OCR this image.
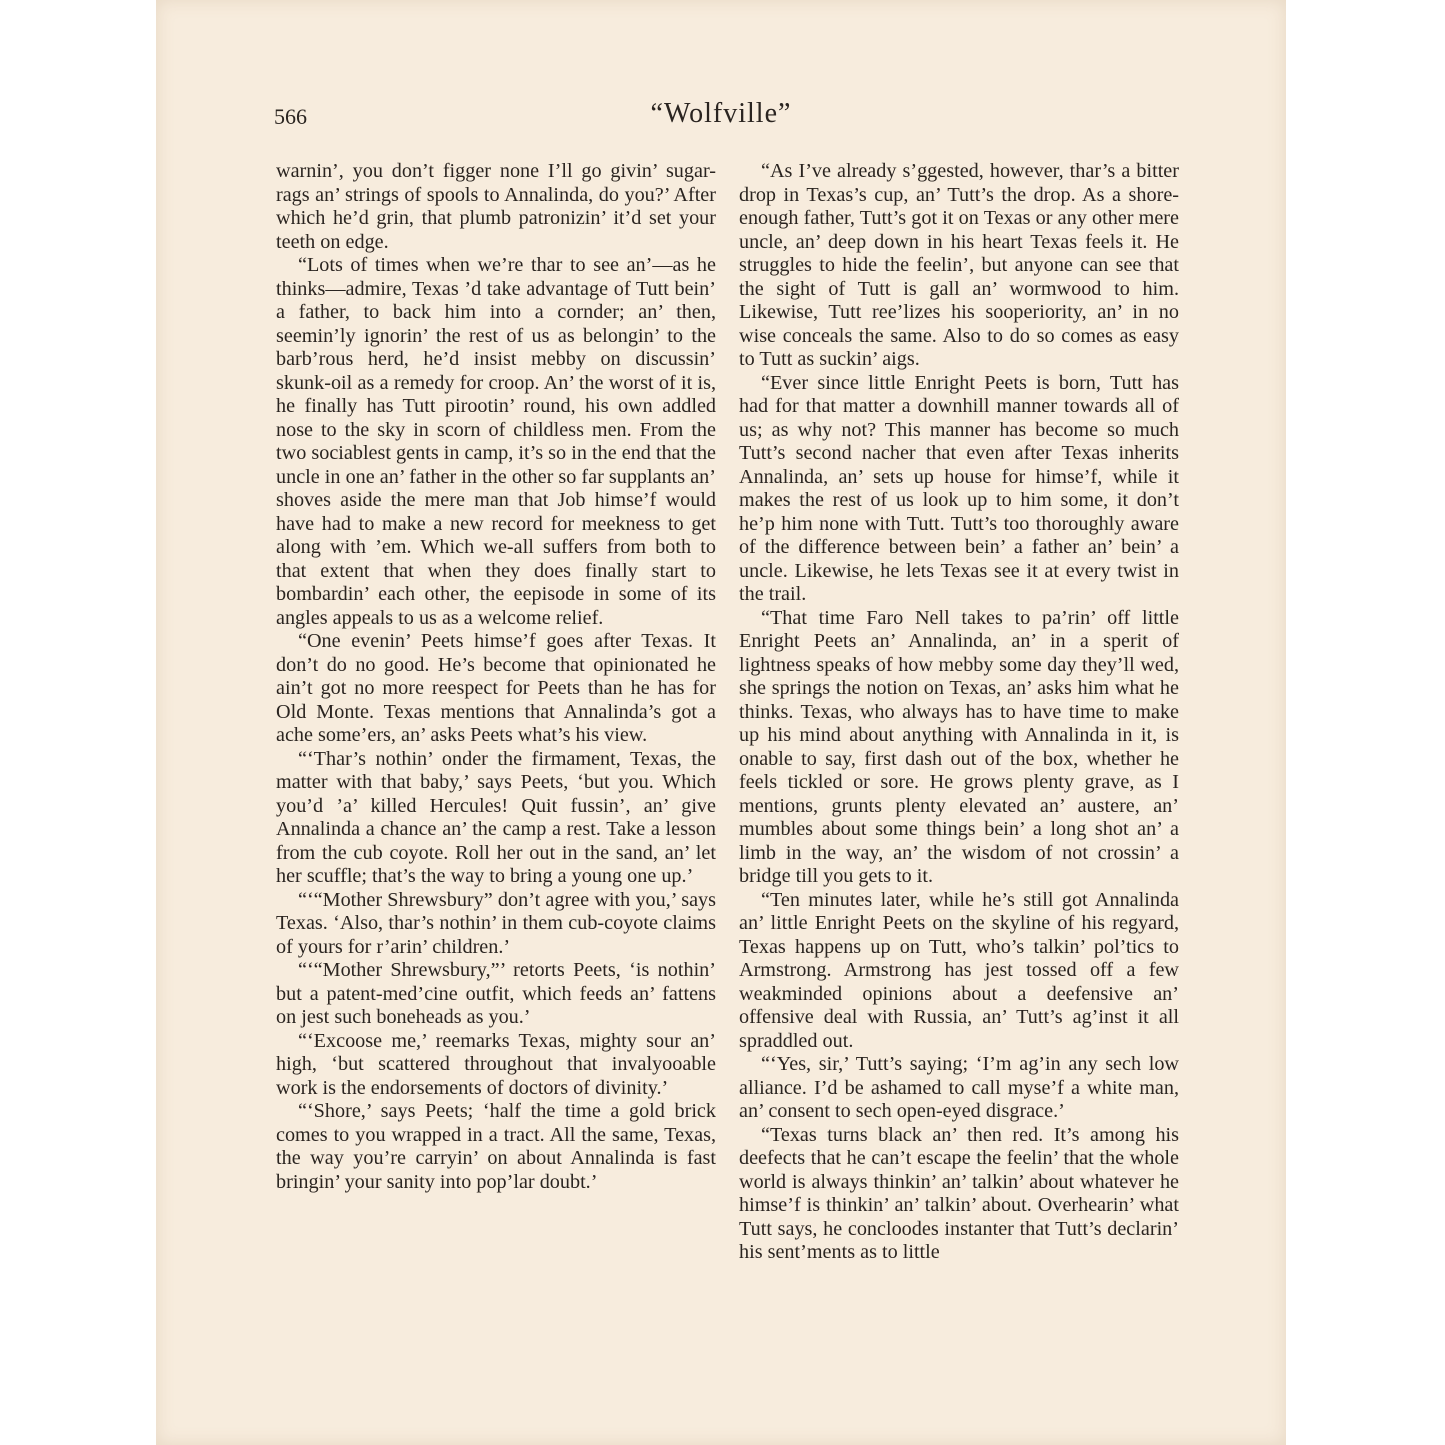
566	“Wolfville”

warnin’, you don’t figger none I’ll go givin’ sugar-rags an’ strings of spools to Annalinda, do you?’ After which he’d grin, that plumb patronizin’ it’d set your teeth on edge.

“Lots of times when we’re thar to see an’—as he thinks—admire, Texas ’d take advantage of Tutt bein’ a father, to back him into a cornder; an’ then, seemin’ly ignorin’ the rest of us as belongin’ to the barb’rous herd, he’d insist mebby on discussin’ skunk-oil as a remedy for croop. An’ the worst of it is, he finally has Tutt pirootin’ round, his own addled nose to the sky in scorn of childless men. From the two sociablest gents in camp, it’s so in the end that the uncle in one an’ father in the other so far supplants an’ shoves aside the mere man that Job himse’f would have had to make a new record for meekness to get along with ’em. Which we-all suffers from both to that extent that when they does finally start to bombardin’ each other, the eepisode in some of its angles appeals to us as a welcome relief.

“One evenin’ Peets himse’f goes after Texas. It don’t do no good. He’s become that opinionated he ain’t got no more reespect for Peets than he has for Old Monte. Texas mentions that Annalinda’s got a ache some’ers, an’ asks Peets what’s his view.

“‘Thar’s nothin’ onder the firmament, Texas, the matter with that baby,’ says Peets, ‘but you. Which you’d ’a’ killed Hercules! Quit fussin’, an’ give Annalinda a chance an’ the camp a rest. Take a lesson from the cub coyote. Roll her out in the sand, an’ let her scuffle; that’s the way to bring a young one up.’

“‘“Mother Shrewsbury” don’t agree with you,’ says Texas. ‘Also, thar’s nothin’ in them cub-coyote claims of yours for r’arin’ children.’

“‘“Mother Shrewsbury,”’ retorts Peets, ‘is nothin’ but a patent-med’cine outfit, which feeds an’ fattens on jest such boneheads as you.’

“‘Excoose me,’ reemarks Texas, mighty sour an’ high, ‘but scattered throughout that invalyooable work is the endorsements of doctors of divinity.’

“‘Shore,’ says Peets; ‘half the time a gold brick comes to you wrapped in a tract. All the same, Texas, the way you’re carryin’ on about Annalinda is fast bringin’ your sanity into pop’lar doubt.’

“As I’ve already s’ggested, however, thar’s a bitter drop in Texas’s cup, an’ Tutt’s the drop. As a shore-enough father, Tutt’s got it on Texas or any other mere uncle, an’ deep down in his heart Texas feels it. He struggles to hide the feelin’, but anyone can see that the sight of Tutt is gall an’ wormwood to him. Likewise, Tutt ree’lizes his sooperiority, an’ in no wise conceals the same. Also to do so comes as easy to Tutt as suckin’ aigs.

“Ever since little Enright Peets is born, Tutt has had for that matter a downhill manner towards all of us; as why not? This manner has become so much Tutt’s second nacher that even after Texas inherits Annalinda, an’ sets up house for himse’f, while it makes the rest of us look up to him some, it don’t he’p him none with Tutt. Tutt’s too thoroughly aware of the difference between bein’ a father an’ bein’ a uncle. Likewise, he lets Texas see it at every twist in the trail.

“That time Faro Nell takes to pa’rin’ off little Enright Peets an’ Annalinda, an’ in a sperit of lightness speaks of how mebby some day they’ll wed, she springs the notion on Texas, an’ asks him what he thinks. Texas, who always has to have time to make up his mind about anything with Annalinda in it, is onable to say, first dash out of the box, whether he feels tickled or sore. He grows plenty grave, as I mentions, grunts plenty elevated an’ austere, an’ mumbles about some things bein’ a long shot an’ a limb in the way, an’ the wisdom of not crossin’ a bridge till you gets to it.

“Ten minutes later, while he’s still got Annalinda an’ little Enright Peets on the skyline of his regyard, Texas happens up on Tutt, who’s talkin’ pol’tics to Armstrong. Armstrong has jest tossed off a few weakminded opinions about a deefensive an’ offensive deal with Russia, an’ Tutt’s ag’inst it all spraddled out.

“‘Yes, sir,’ Tutt’s saying; ‘I’m ag’in any sech low alliance. I’d be ashamed to call myse’f a white man, an’ consent to sech open-eyed disgrace.’

“Texas turns black an’ then red. It’s among his deefects that he can’t escape the feelin’ that the whole world is always thinkin’ an’ talkin’ about whatever he himse’f is thinkin’ an’ talkin’ about. Overhearin’ what Tutt says, he concloodes instanter that Tutt’s declarin’ his sent’ments as to little
